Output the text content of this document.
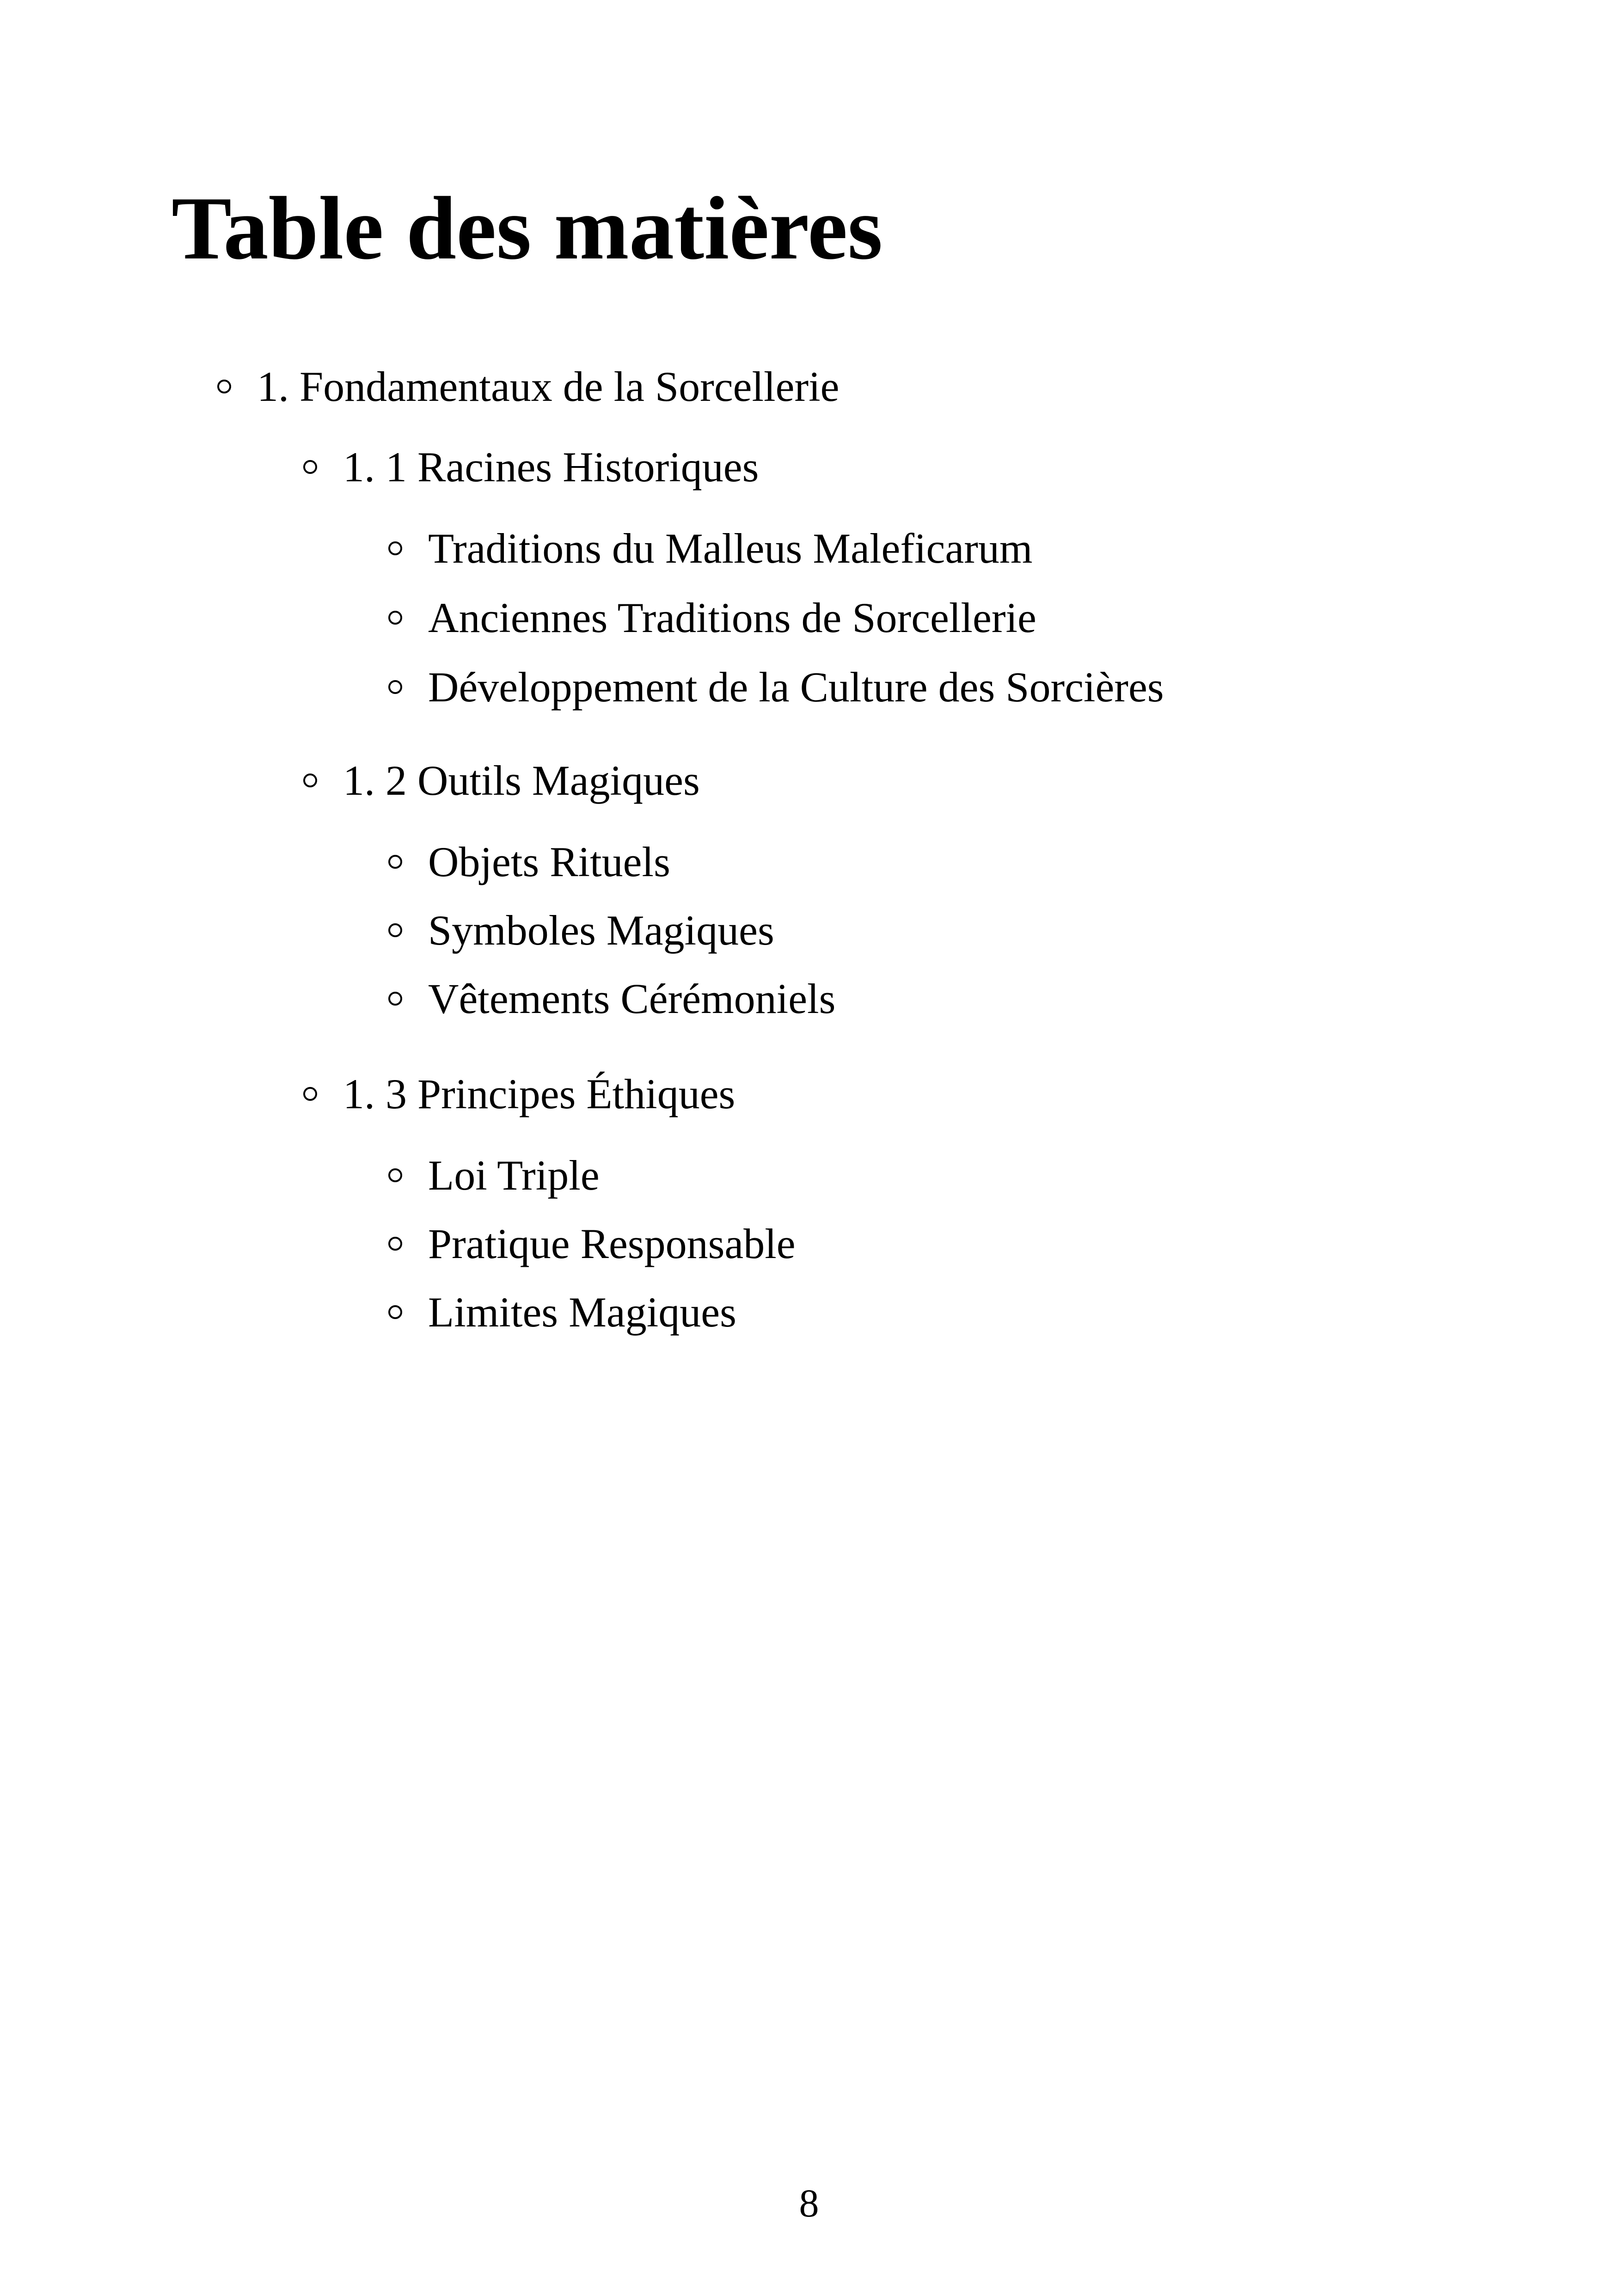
Table des matières
1. Fondamentaux de la Sorcellerie
1. 1 Racines Historiques
Traditions du Malleus Maleficarum
Anciennes Traditions de Sorcellerie
Développement de la Culture des Sorcières
1. 2 Outils Magiques
Objets Rituels
Symboles Magiques
Vêtements Cérémoniels
1. 3 Principes Éthiques
Loi Triple
Pratique Responsable
Limites Magiques
8
